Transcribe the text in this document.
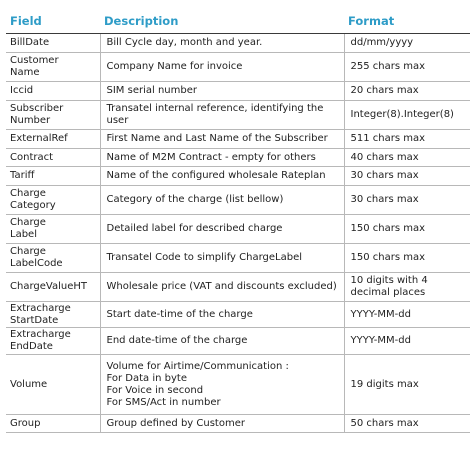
Field	Description	Format

BillDate	Bill Cycle day, month and year.	dd/mm/yyyy

Customer
Name	Company Name for invoice	255 chars max

Iccid	SIM serial number	20 chars max

Subscriber
Number	Transatel internal reference, identifying the user	Integer(8).Integer(8)

ExternalRef	First Name and Last Name of the Subscriber	511 chars max

Contract	Name of M2M Contract - empty for others	40 chars max

Tariff	Name of the configured wholesale Rateplan	30 chars max

Charge
Category	Category of the charge (list bellow)	30 chars max

Charge
Label	Detailed label for described charge	150 chars max

Charge
LabelCode	Transatel Code to simplify ChargeLabel	150 chars max

ChargeValueHT	Wholesale price (VAT and discounts excluded)	10 digits with 4
decimal places

Extracharge
StartDate	Start date-time of the charge	YYYY-MM-dd

Extracharge
EndDate	End date-time of the charge	YYYY-MM-dd

Volume	Volume for Airtime/Communication :
For Data in byte
For Voice in second
For SMS/Act in number	19 digits max

Group	Group defined by Customer	50 chars max
